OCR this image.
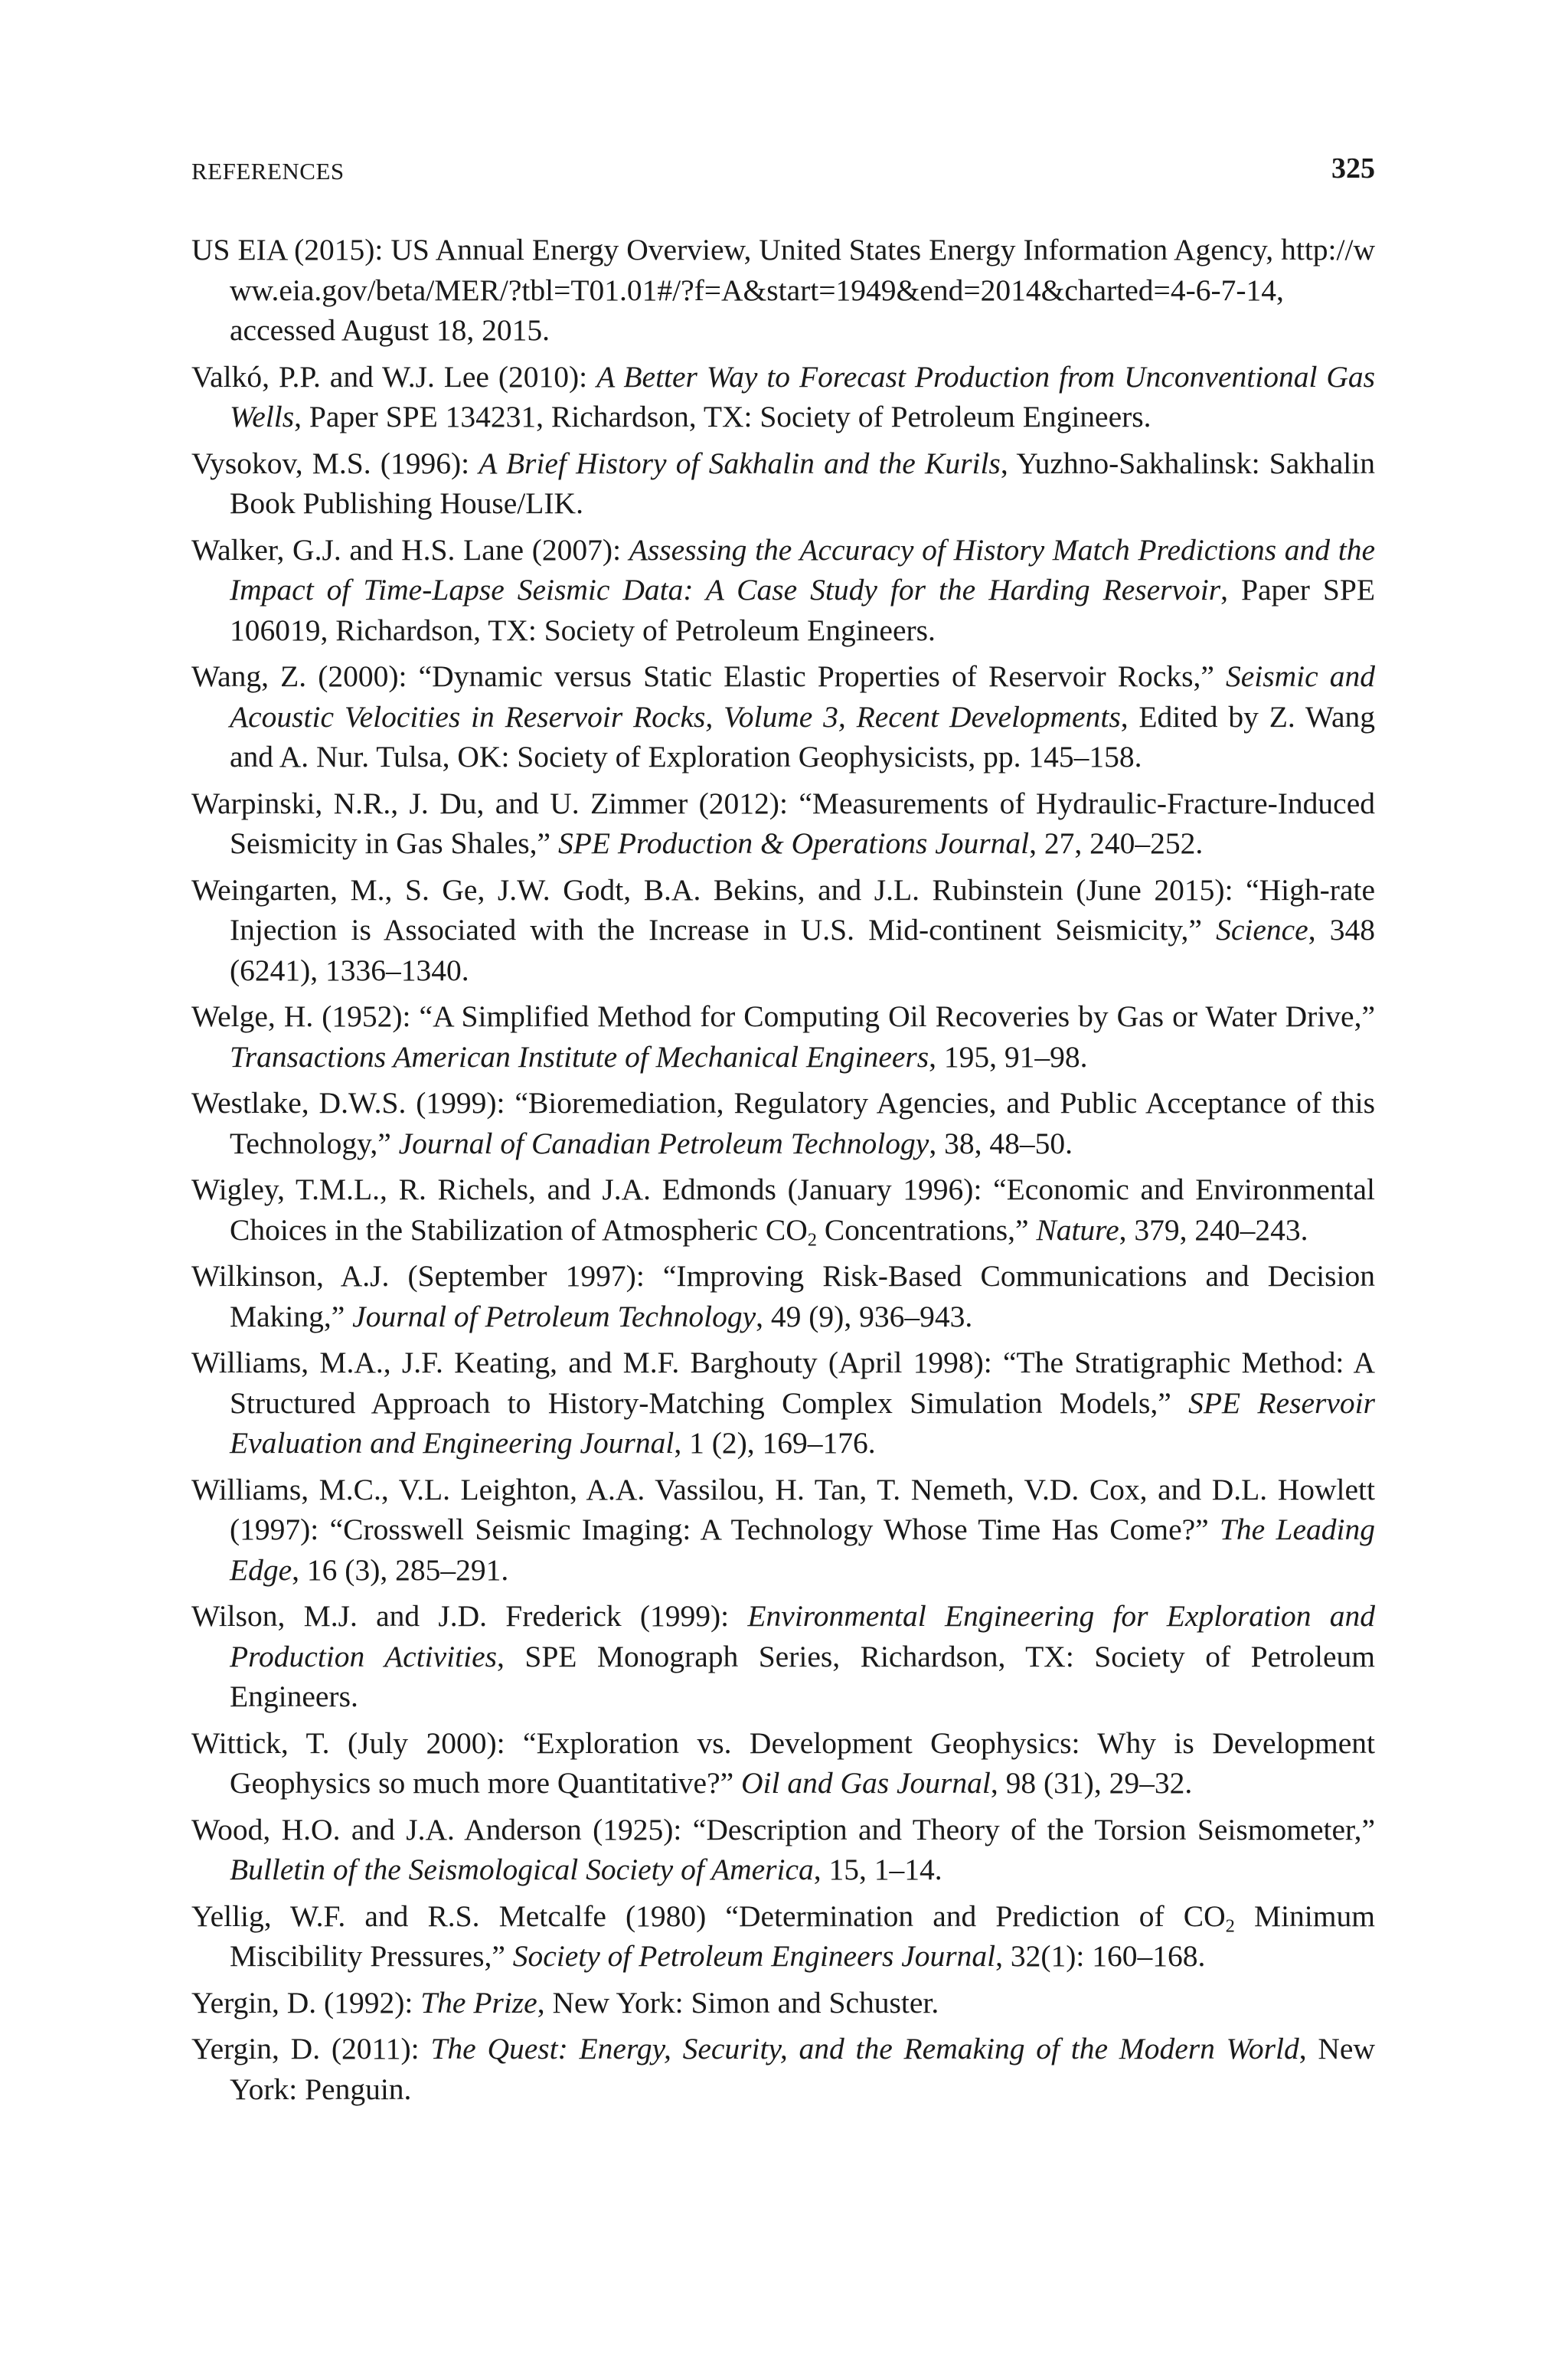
REFERENCES	325
US EIA (2015): US Annual Energy Overview, United States Energy Information Agency, http://www.eia.gov/beta/MER/?tbl=T01.01#/?f=A&start=1949&end=2014&charted=4-6-7-14, accessed August 18, 2015.
Valkó, P.P. and W.J. Lee (2010): A Better Way to Forecast Production from Unconventional Gas Wells, Paper SPE 134231, Richardson, TX: Society of Petroleum Engineers.
Vysokov, M.S. (1996): A Brief History of Sakhalin and the Kurils, Yuzhno-Sakhalinsk: Sakhalin Book Publishing House/LIK.
Walker, G.J. and H.S. Lane (2007): Assessing the Accuracy of History Match Predictions and the Impact of Time-Lapse Seismic Data: A Case Study for the Harding Reservoir, Paper SPE 106019, Richardson, TX: Society of Petroleum Engineers.
Wang, Z. (2000): “Dynamic versus Static Elastic Properties of Reservoir Rocks,” Seismic and Acoustic Velocities in Reservoir Rocks, Volume 3, Recent Developments, Edited by Z. Wang and A. Nur. Tulsa, OK: Society of Exploration Geophysicists, pp. 145–158.
Warpinski, N.R., J. Du, and U. Zimmer (2012): “Measurements of Hydraulic-Fracture-Induced Seismicity in Gas Shales,” SPE Production & Operations Journal, 27, 240–252.
Weingarten, M., S. Ge, J.W. Godt, B.A. Bekins, and J.L. Rubinstein (June 2015): “High-rate Injection is Associated with the Increase in U.S. Mid-continent Seismicity,” Science, 348 (6241), 1336–1340.
Welge, H. (1952): “A Simplified Method for Computing Oil Recoveries by Gas or Water Drive,” Transactions American Institute of Mechanical Engineers, 195, 91–98.
Westlake, D.W.S. (1999): “Bioremediation, Regulatory Agencies, and Public Acceptance of this Technology,” Journal of Canadian Petroleum Technology, 38, 48–50.
Wigley, T.M.L., R. Richels, and J.A. Edmonds (January 1996): “Economic and Environmental Choices in the Stabilization of Atmospheric $CO_2$ Concentrations,” Nature, 379, 240–243.
Wilkinson, A.J. (September 1997): “Improving Risk-Based Communications and Decision Making,” Journal of Petroleum Technology, 49 (9), 936–943.
Williams, M.A., J.F. Keating, and M.F. Barghouty (April 1998): “The Stratigraphic Method: A Structured Approach to History-Matching Complex Simulation Models,” SPE Reservoir Evaluation and Engineering Journal, 1 (2), 169–176.
Williams, M.C., V.L. Leighton, A.A. Vassilou, H. Tan, T. Nemeth, V.D. Cox, and D.L. Howlett (1997): “Crosswell Seismic Imaging: A Technology Whose Time Has Come?” The Leading Edge, 16 (3), 285–291.
Wilson, M.J. and J.D. Frederick (1999): Environmental Engineering for Exploration and Production Activities, SPE Monograph Series, Richardson, TX: Society of Petroleum Engineers.
Wittick, T. (July 2000): “Exploration vs. Development Geophysics: Why is Development Geophysics so much more Quantitative?” Oil and Gas Journal, 98 (31), 29–32.
Wood, H.O. and J.A. Anderson (1925): “Description and Theory of the Torsion Seismometer,” Bulletin of the Seismological Society of America, 15, 1–14.
Yellig, W.F. and R.S. Metcalfe (1980) “Determination and Prediction of $CO_2$ Minimum Miscibility Pressures,” Society of Petroleum Engineers Journal, 32(1): 160–168.
Yergin, D. (1992): The Prize, New York: Simon and Schuster.
Yergin, D. (2011): The Quest: Energy, Security, and the Remaking of the Modern World, New York: Penguin.
